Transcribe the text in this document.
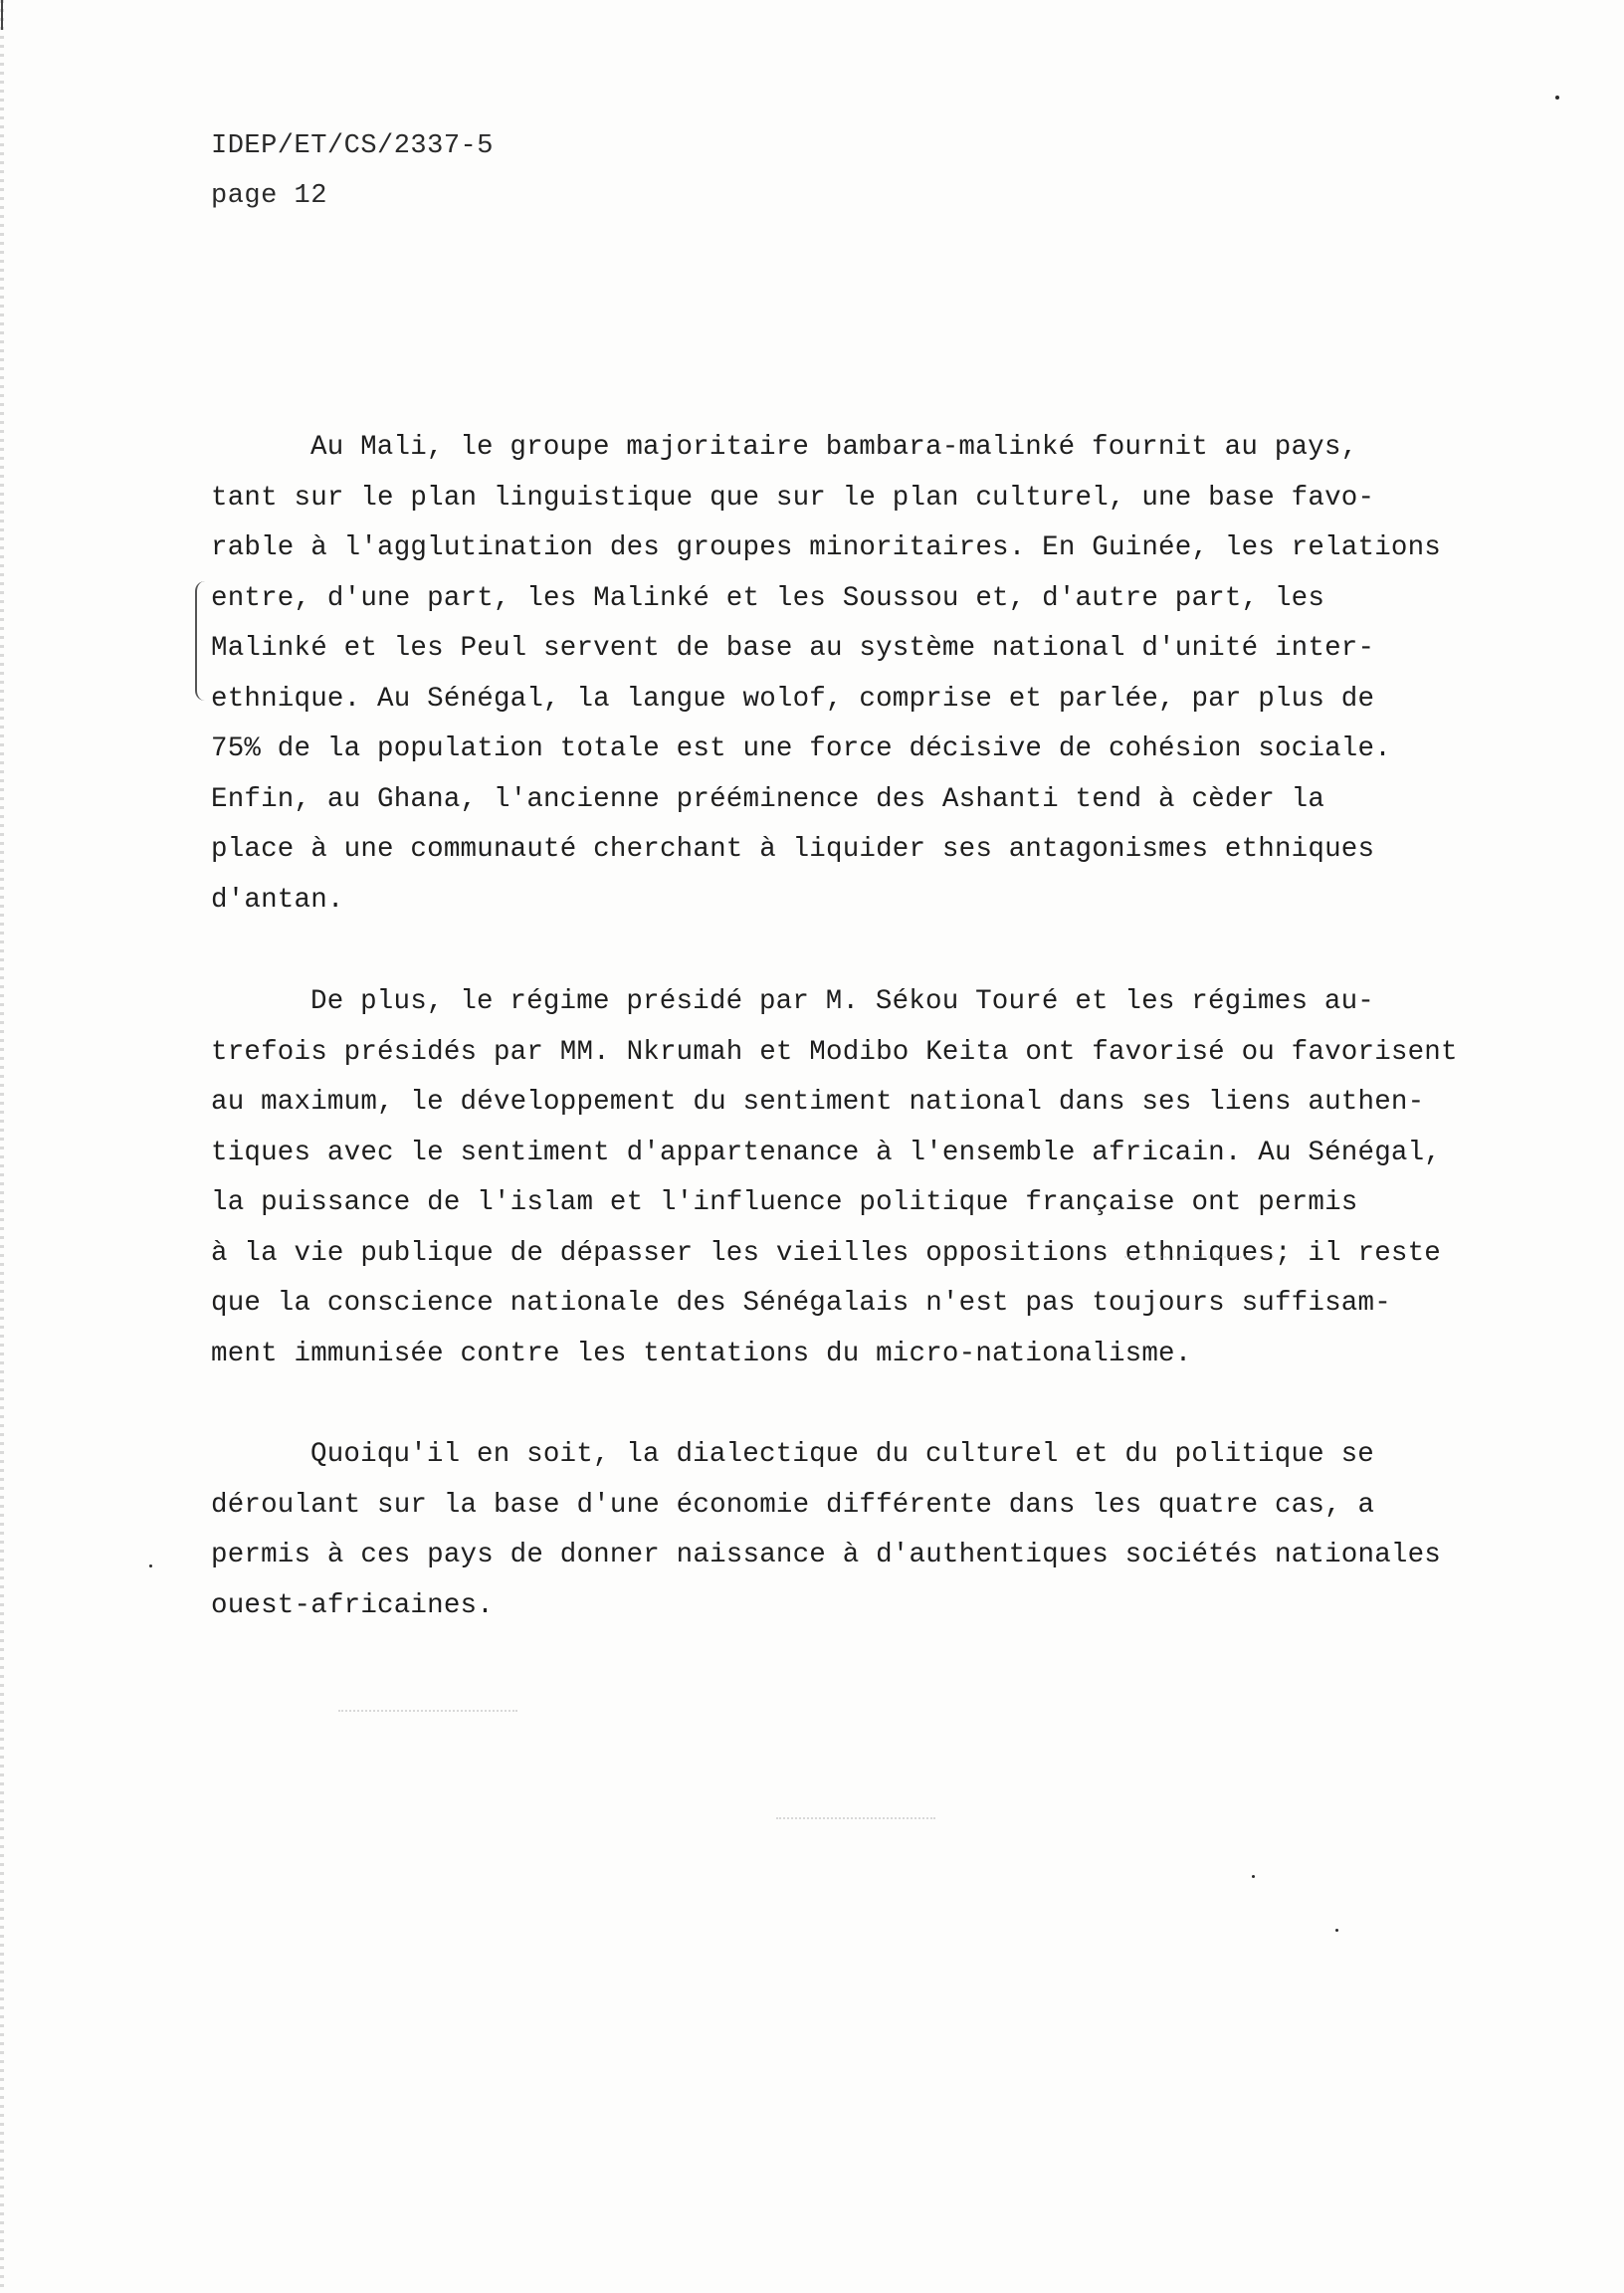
IDEP/ET/CS/2337-5
page 12
Au Mali, le groupe majoritaire bambara-malinké fournit au pays,
tant sur le plan linguistique que sur le plan culturel, une base favo-
rable à l'agglutination des groupes minoritaires. En Guinée, les relations
entre, d'une part, les Malinké et les Soussou et, d'autre part, les
Malinké et les Peul servent de base au système national d'unité inter-
ethnique. Au Sénégal, la langue wolof, comprise et parlée, par plus de
75% de la population totale est une force décisive de cohésion sociale.
Enfin, au Ghana, l'ancienne prééminence des Ashanti tend à cèder la
place à une communauté cherchant à liquider ses antagonismes ethniques
d'antan.
De plus, le régime présidé par M. Sékou Touré et les régimes au-
trefois présidés par MM. Nkrumah et Modibo Keita ont favorisé ou favorisent
au maximum, le développement du sentiment national dans ses liens authen-
tiques avec le sentiment d'appartenance à l'ensemble africain. Au Sénégal,
la puissance de l'islam et l'influence politique française ont permis
à la vie publique de dépasser les vieilles oppositions ethniques; il reste
que la conscience nationale des Sénégalais n'est pas toujours suffisam-
ment immunisée contre les tentations du micro-nationalisme.
Quoiqu'il en soit, la dialectique du culturel et du politique se
déroulant sur la base d'une économie différente dans les quatre cas, a
permis à ces pays de donner naissance à d'authentiques sociétés nationales
ouest-africaines.
